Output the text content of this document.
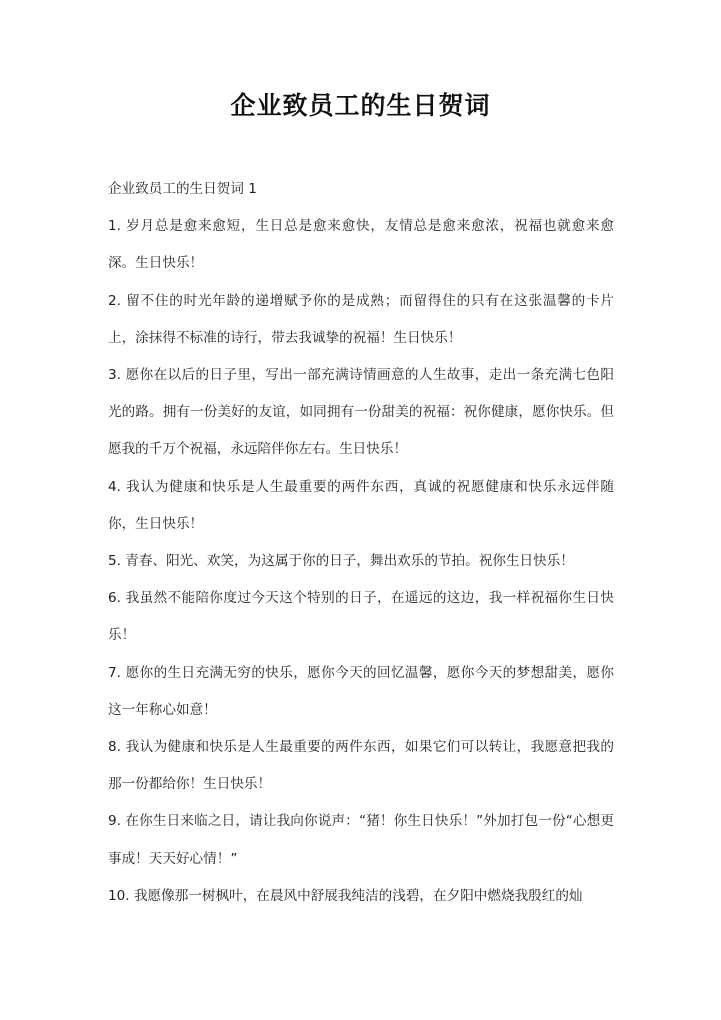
企业致员工的生日贺词

企业致员工的生日贺词 1

1. 岁月总是愈来愈短，生日总是愈来愈快，友情总是愈来愈浓，祝福也就愈来愈深。生日快乐！

2. 留不住的时光年龄的递增赋予你的是成熟；而留得住的只有在这张温馨的卡片上，涂抹得不标准的诗行，带去我诚挚的祝福！生日快乐！

3. 愿你在以后的日子里，写出一部充满诗情画意的人生故事，走出一条充满七色阳光的路。拥有一份美好的友谊，如同拥有一份甜美的祝福：祝你健康，愿你快乐。但愿我的千万个祝福，永远陪伴你左右。生日快乐！

4. 我认为健康和快乐是人生最重要的两件东西，真诚的祝愿健康和快乐永远伴随你，生日快乐！

5. 青春、阳光、欢笑，为这属于你的日子，舞出欢乐的节拍。祝你生日快乐！

6. 我虽然不能陪你度过今天这个特别的日子，在遥远的这边，我一样祝福你生日快乐！

7. 愿你的生日充满无穷的快乐，愿你今天的回忆温馨，愿你今天的梦想甜美，愿你这一年称心如意！

8. 我认为健康和快乐是人生最重要的两件东西，如果它们可以转让，我愿意把我的那一份都给你！生日快乐！

9. 在你生日来临之日，请让我向你说声：“猪！你生日快乐！”外加打包一份“心想更事成！天天好心情！”

10. 我愿像那一树枫叶，在晨风中舒展我纯洁的浅碧，在夕阳中燃烧我殷红的灿
